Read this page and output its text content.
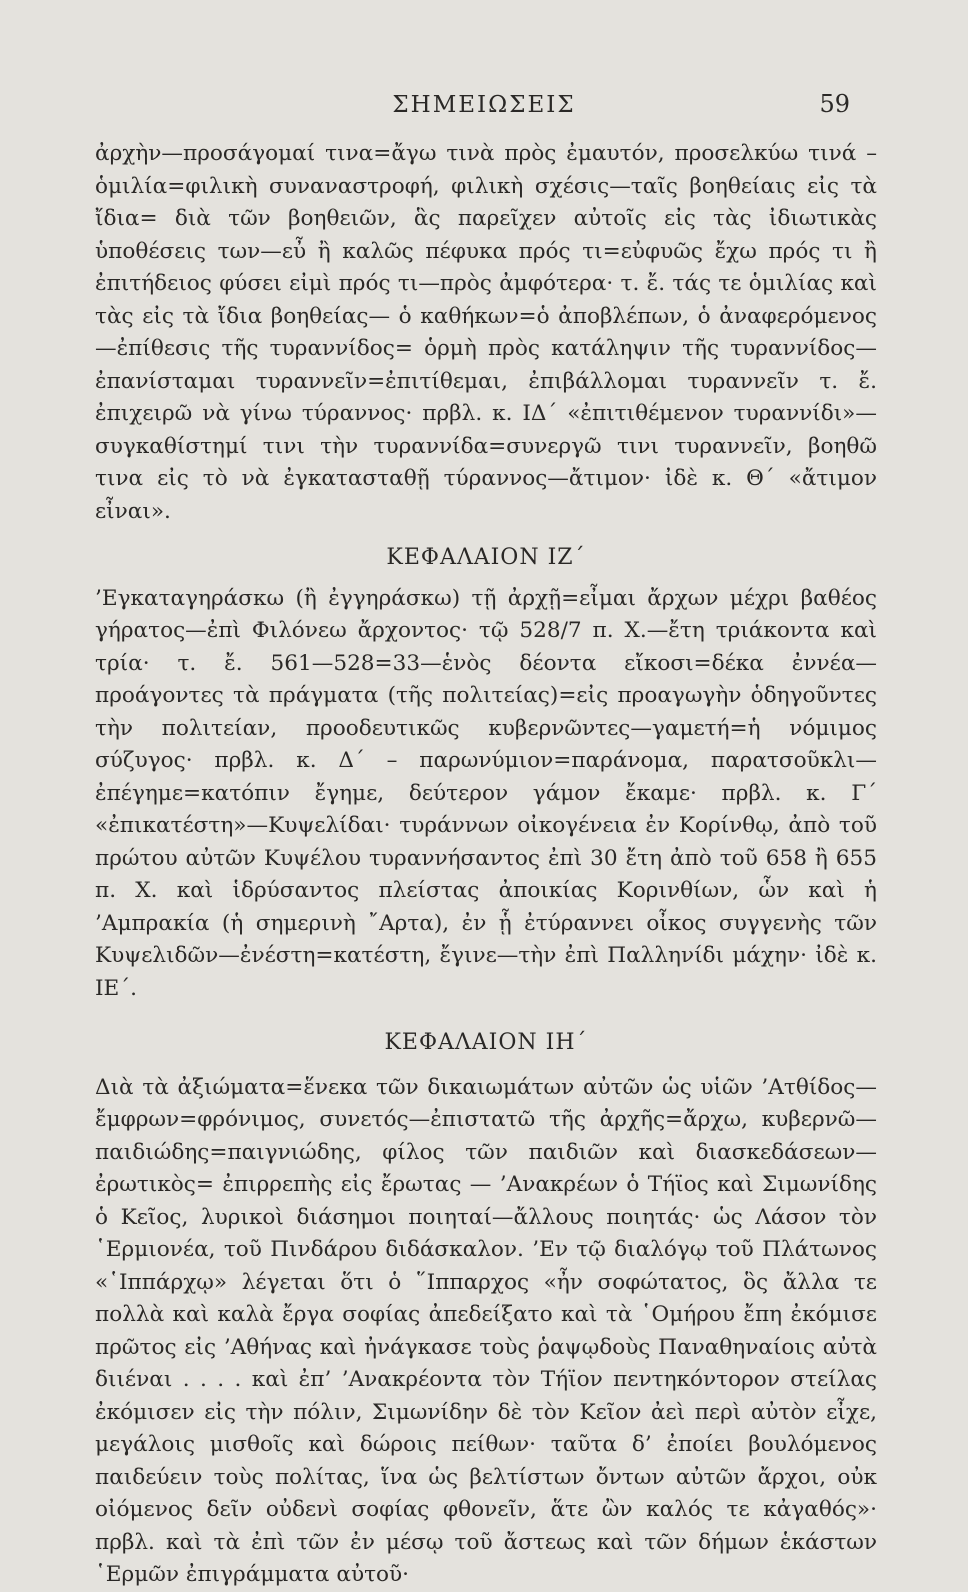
ΣΗΜΕΙΩΣΕΙΣ	59

ἀρχὴν—προσάγομαί τινα=ἄγω τινὰ πρὸς ἐμαυτόν, προσελκύω τινά – ὁμιλία=φιλικὴ συναναστροφή, φιλικὴ σχέσις—ταῖς βοηθείαις εἰς τὰ ἴδια= διὰ τῶν βοηθειῶν, ἃς παρεῖχεν αὐτοῖς εἰς τὰς ἰδιωτικὰς ὑποθέσεις των—εὖ ἢ καλῶς πέφυκα πρός τι=εὐφυῶς ἔχω πρός τι ἢ ἐπιτήδειος φύσει εἰμὶ πρός τι—πρὸς ἀμφότερα· τ. ἔ. τάς τε ὁμιλίας καὶ τὰς εἰς τὰ ἴδια βοηθείας— ὁ καθήκων=ὁ ἀποβλέπων, ὁ ἀναφερόμενος—ἐπίθεσις τῆς τυραννίδος= ὁρμὴ πρὸς κατάληψιν τῆς τυραννίδος—ἐπανίσταμαι τυραννεῖν=ἐπιτίθεμαι, ἐπιβάλλομαι τυραννεῖν τ. ἔ. ἐπιχειρῶ νὰ γίνω τύραννος· πρβλ. κ. ΙΔ΄ «ἐπιτιθέμενον τυραννίδι»—συγκαθίστημί τινι τὴν τυραννίδα=συνεργῶ τινι τυραννεῖν, βοηθῶ τινα εἰς τὸ νὰ ἐγκατασταθῇ τύραννος—ἄτιμον· ἰδὲ κ. Θ΄ «ἄτιμον εἶναι».

ΚΕΦΑΛΑΙΟΝ ΙΖ΄

’Εγκαταγηράσκω (ἢ ἐγγηράσκω) τῇ ἀρχῇ=εἶμαι ἄρχων μέχρι βαθέος γήρατος—ἐπὶ Φιλόνεω ἄρχοντος· τῷ 528/7 π. Χ.—ἔτη τριάκοντα καὶ τρία· τ. ἔ. 561—528=33—ἑνὸς δέοντα εἴκοσι=δέκα ἐννέα—προάγοντες τὰ πράγματα (τῆς πολιτείας)=εἰς προαγωγὴν ὁδηγοῦντες τὴν πολιτείαν, προοδευτικῶς κυβερνῶντες—γαμετή=ἡ νόμιμος σύζυγος· πρβλ. κ. Δ΄ – παρωνύμιον=παράνομα, παρατσοῦκλι—ἐπέγημε=κατόπιν ἔγημε, δεύτερον γάμον ἔκαμε· πρβλ. κ. Γ΄ «ἐπικατέστη»—Κυψελίδαι· τυράννων οἰκογένεια ἐν Κορίνθῳ, ἀπὸ τοῦ πρώτου αὐτῶν Κυψέλου τυραννήσαντος ἐπὶ 30 ἔτη ἀπὸ τοῦ 658 ἢ 655 π. Χ. καὶ ἱδρύσαντος πλείστας ἀποικίας Κορινθίων, ὧν καὶ ἡ ’Αμπρακία (ἡ σημερινὴ ῎Αρτα), ἐν ᾗ ἐτύραννει οἶκος συγγενὴς τῶν Κυψελιδῶν—ἐνέστη=κατέστη, ἔγινε—τὴν ἐπὶ Παλληνίδι μάχην· ἰδὲ κ. ΙΕ΄.

ΚΕΦΑΛΑΙΟΝ ΙΗ΄

Διὰ τὰ ἀξιώματα=ἕνεκα τῶν δικαιωμάτων αὐτῶν ὡς υἱῶν ’Ατθίδος— ἔμφρων=φρόνιμος, συνετός—ἐπιστατῶ τῆς ἀρχῆς=ἄρχω, κυβερνῶ—παιδιώδης=παιγνιώδης, φίλος τῶν παιδιῶν καὶ διασκεδάσεων—ἐρωτικὸς= ἐπιρρεπὴς εἰς ἔρωτας — ’Ανακρέων ὁ Τήϊος καὶ Σιμωνίδης ὁ Κεῖος, λυρικοὶ διάσημοι ποιηταί—ἄλλους ποιητάς· ὡς Λάσον τὸν ῾Ερμιονέα, τοῦ Πινδάρου διδάσκαλον. ’Εν τῷ διαλόγῳ τοῦ Πλάτωνος «῾Ιππάρχῳ» λέγεται ὅτι ὁ ῞Ιππαρχος «ἦν σοφώτατος, ὃς ἄλλα τε πολλὰ καὶ καλὰ ἔργα σοφίας ἀπεδείξατο καὶ τὰ ῾Ομήρου ἔπη ἐκόμισε πρῶτος εἰς ’Αθήνας καὶ ἠνάγκασε τοὺς ῥαψῳδοὺς Παναθηναίοις αὐτὰ διιέναι . . . . καὶ ἐπ’ ’Ανακρέοντα τὸν Τήϊον πεντηκόντορον στείλας ἐκόμισεν εἰς τὴν πόλιν, Σιμωνίδην δὲ τὸν Κεῖον ἀεὶ περὶ αὐτὸν εἶχε, μεγάλοις μισθοῖς καὶ δώροις πείθων· ταῦτα δ’ ἐποίει βουλόμενος παιδεύειν τοὺς πολίτας, ἵνα ὡς βελτίστων ὄντων αὐτῶν ἄρχοι, οὐκ οἰόμενος δεῖν οὐδενὶ σοφίας φθονεῖν, ἅτε ὢν καλός τε κἀγαθός»· πρβλ. καὶ τὰ ἐπὶ τῶν ἐν μέσῳ τοῦ ἄστεως καὶ τῶν δήμων ἑκάστων ῾Ερμῶν ἐπιγράμματα αὐτοῦ·
